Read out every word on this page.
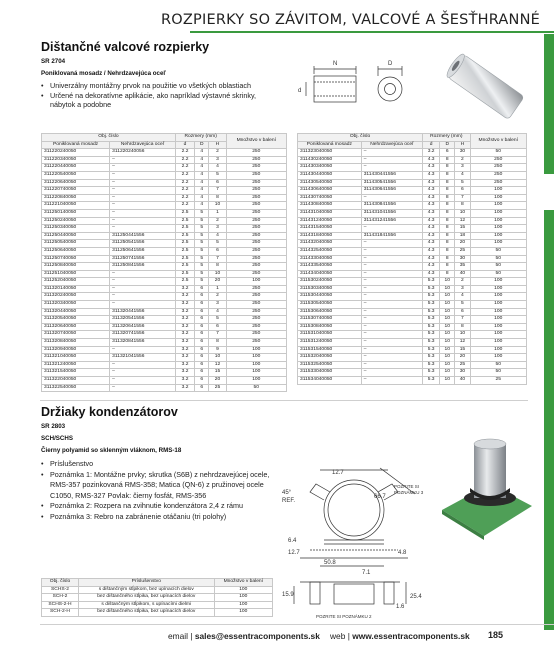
ROZPIERKY SO ZÁVITOM, VALCOVÉ A ŠESŤHRANNÉ
Dištančné valcové rozpierky
SR 2704
Poniklovaná mosadz / Nehrdzavejúca oceľ
• Univerzálny montážny prvok na použitie vo všetkých oblastiach
• Určené na dekoratívne aplikácie, ako napríklad výstavné skrinky,
nábytok a podobne
N	D
d
Obj. číslo		Rozmery (mm)			Množstvo v balení
Poniklovaná mosadz	Nehrdzavejúca oceľ	d	D	H	
311220240050	311220240056	2.2	4	2	250
311220340050	–	2.2	4	3	250
311220440050	–	2.2	4	4	250
311220540050	–	2.2	4	5	250
311220640050	–	2.2	4	6	250
311220740050	–	2.2	4	7	250
311220840050	–	2.2	4	8	250
311221040050	–	2.2	4	10	250
311250140050	–	2.5	5	1	250
311250240050	–	2.5	5	2	250
311250340050	–	2.5	5	3	250
311250440050	311250441556	2.5	5	4	250
311250540050	311250541556	2.5	5	5	250
311250640050	311250641556	2.5	5	6	250
311250740050	311250741556	2.5	5	7	250
311250840050	311250841556	2.5	5	8	250
311251040050	–	2.5	5	10	250
311252040050	–	2.5	5	20	100
311320140050	–	3.2	6	1	250
311320240050	–	3.2	6	2	250
311320340050	–	3.2	6	3	250
311320440050	311320441556	3.2	6	4	250
311320540050	311320541556	3.2	6	5	250
311320640050	311320641556	3.2	6	6	250
311320740050	311320741556	3.2	6	7	250
311320840050	311320841556	3.2	6	8	250
311320940050	–	3.2	6	9	100
311321040050	311321041556	3.2	6	10	100
311321240050	–	3.2	6	12	100
311321540050	–	3.2	6	15	100
311322040050	–	3.2	6	20	100
311322540050	–	3.2	6	25	50
Obj. číslo		Rozmery (mm)			Množstvo v balení
Poniklovaná mosadz	Nehrdzavejúca oceľ	d	D	H	
311323040050	–	3.2	6	30	50
311430240050	–	4.3	8	2	250
311430340050	–	4.3	8	3	250
311430440050	311430441556	4.3	8	4	250
311430540050	311430541556	4.3	8	5	250
311430640050	311430641556	4.3	8	6	100
311430740050	–	4.3	8	7	100
311430840050	311430841556	4.3	8	8	100
311431040050	311431041556	4.3	8	10	100
311431240050	311431241556	4.3	8	12	100
311431540050	–	4.3	8	15	100
311431840050	311431841556	4.3	8	18	100
311432040050	–	4.3	8	20	100
311432540050	–	4.3	8	25	50
311433040050	–	4.3	8	30	50
311433540050	–	4.3	8	35	50
311434040050	–	4.3	8	40	50
311530240050	–	5.3	10	2	100
311530340050	–	5.3	10	3	100
311530440050	–	5.3	10	4	100
311530540050	–	5.3	10	5	100
311530640050	–	5.3	10	6	100
311530740050	–	5.3	10	7	100
311530840050	–	5.3	10	8	100
311531040050	–	5.3	10	10	100
311531240050	–	5.3	10	12	100
311531540050	–	5.3	10	15	100
311532040050	–	5.3	10	20	100
311532540050	–	5.3	10	25	50
311533040050	–	5.3	10	30	50
311534040050	–	5.3	10	40	25
Držiaky kondenzátorov
SR 2803
SCH/SCHS
Čierny polyamid so sklenným vláknom, RMS-18
• Príslušenstvo
• Poznámka 1: Montážne prvky; skrutka (S6B) z nehrdzavejúcej ocele,
RMS-357 pozinkovaná RMS-358; Matica (QN-6) z pružinovej ocele
C1050, RMS-327 Povlak: čierny fosfát, RMS-356
• Poznámka 2: Rozpera na zvihnutie kondenzátora 2,4 z rámu
• Poznámka 3: Rebro na zabránenie otáčaniu (tri polohy)
12.7
45°
REF.
66.7
6.4
12.7	4.8
50.8
7.1
15.9	25.4
1.6
POZRITE SI
POZNÁMKU 3
POZRITE SI POZNÁMKU 2
Obj. číslo	Príslušenstvo	Množstvo v balení
SCHS-2	s dištančným stĺpikom, bez upínacích dielov	100
SCH-2	bez dištančného stĺpika, bez upínacích dielov	100
SCHS-2-H	s dištančným stĺpikom, s upínacími dielmi	100
SCH-2-H	bez dištančného stĺpika, bez upínacích dielov	100
email | sales@essentracomponents.sk web | www.essentracomponents.sk 185
